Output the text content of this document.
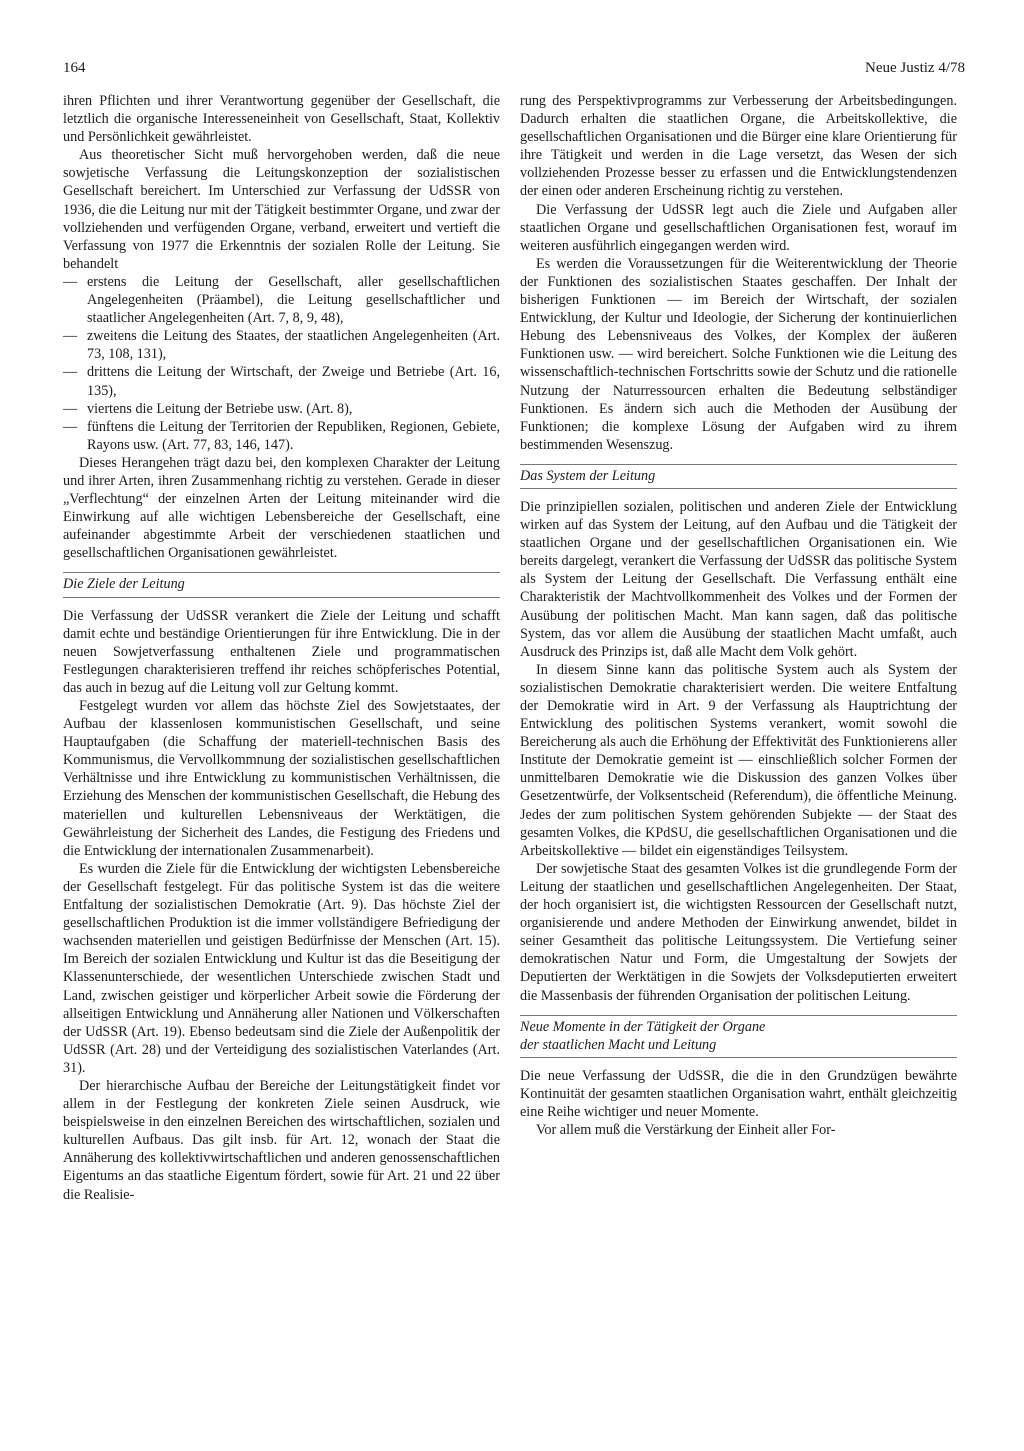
164	Neue Justiz 4/78

ihren Pflichten und ihrer Verantwortung gegenüber der Gesellschaft, die letztlich die organische Interesseneinheit von Gesellschaft, Staat, Kollektiv und Persönlichkeit gewährleistet.

Aus theoretischer Sicht muß hervorgehoben werden, daß die neue sowjetische Verfassung die Leitungskonzeption der sozialistischen Gesellschaft bereichert. Im Unterschied zur Verfassung der UdSSR von 1936, die die Leitung nur mit der Tätigkeit bestimmter Organe, und zwar der vollziehenden und verfügenden Organe, verband, erweitert und vertieft die Verfassung von 1977 die Erkenntnis der sozialen Rolle der Leitung. Sie behandelt

— erstens die Leitung der Gesellschaft, aller gesellschaftlichen Angelegenheiten (Präambel), die Leitung gesellschaftlicher und staatlicher Angelegenheiten (Art. 7, 8, 9, 48),
— zweitens die Leitung des Staates, der staatlichen Angelegenheiten (Art. 73, 108, 131),
— drittens die Leitung der Wirtschaft, der Zweige und Betriebe (Art. 16, 135),
— viertens die Leitung der Betriebe usw. (Art. 8),
— fünftens die Leitung der Territorien der Republiken, Regionen, Gebiete, Rayons usw. (Art. 77, 83, 146, 147).

Dieses Herangehen trägt dazu bei, den komplexen Charakter der Leitung und ihrer Arten, ihren Zusammenhang richtig zu verstehen. Gerade in dieser „Verflechtung“ der einzelnen Arten der Leitung miteinander wird die Einwirkung auf alle wichtigen Lebensbereiche der Gesellschaft, eine aufeinander abgestimmte Arbeit der verschiedenen staatlichen und gesellschaftlichen Organisationen gewährleistet.

Die Ziele der Leitung

Die Verfassung der UdSSR verankert die Ziele der Leitung und schafft damit echte und beständige Orientierungen für ihre Entwicklung. Die in der neuen Sowjetverfassung enthaltenen Ziele und programmatischen Festlegungen charakterisieren treffend ihr reiches schöpferisches Potential, das auch in bezug auf die Leitung voll zur Geltung kommt.

Festgelegt wurden vor allem das höchste Ziel des Sowjetstaates, der Aufbau der klassenlosen kommunistischen Gesellschaft, und seine Hauptaufgaben (die Schaffung der materiell-technischen Basis des Kommunismus, die Vervollkommnung der sozialistischen gesellschaftlichen Verhältnisse und ihre Entwicklung zu kommunistischen Verhältnissen, die Erziehung des Menschen der kommunistischen Gesellschaft, die Hebung des materiellen und kulturellen Lebensniveaus der Werktätigen, die Gewährleistung der Sicherheit des Landes, die Festigung des Friedens und die Entwicklung der internationalen Zusammenarbeit).

Es wurden die Ziele für die Entwicklung der wichtigsten Lebensbereiche der Gesellschaft festgelegt. Für das politische System ist das die weitere Entfaltung der sozialistischen Demokratie (Art. 9). Das höchste Ziel der gesellschaftlichen Produktion ist die immer vollständigere Befriedigung der wachsenden materiellen und geistigen Bedürfnisse der Menschen (Art. 15). Im Bereich der sozialen Entwicklung und Kultur ist das die Beseitigung der Klassenunterschiede, der wesentlichen Unterschiede zwischen Stadt und Land, zwischen geistiger und körperlicher Arbeit sowie die Förderung der allseitigen Entwicklung und Annäherung aller Nationen und Völkerschaften der UdSSR (Art. 19). Ebenso bedeutsam sind die Ziele der Außenpolitik der UdSSR (Art. 28) und der Verteidigung des sozialistischen Vaterlandes (Art. 31).

Der hierarchische Aufbau der Bereiche der Leitungstätigkeit findet vor allem in der Festlegung der konkreten Ziele seinen Ausdruck, wie beispielsweise in den einzelnen Bereichen des wirtschaftlichen, sozialen und kulturellen Aufbaus. Das gilt insb. für Art. 12, wonach der Staat die Annäherung des kollektivwirtschaftlichen und anderen genossenschaftlichen Eigentums an das staatliche Eigentum fördert, sowie für Art. 21 und 22 über die Realisie-

rung des Perspektivprogramms zur Verbesserung der Arbeitsbedingungen. Dadurch erhalten die staatlichen Organe, die Arbeitskollektive, die gesellschaftlichen Organisationen und die Bürger eine klare Orientierung für ihre Tätigkeit und werden in die Lage versetzt, das Wesen der sich vollziehenden Prozesse besser zu erfassen und die Entwicklungstendenzen der einen oder anderen Erscheinung richtig zu verstehen.

Die Verfassung der UdSSR legt auch die Ziele und Aufgaben aller staatlichen Organe und gesellschaftlichen Organisationen fest, worauf im weiteren ausführlich eingegangen werden wird.

Es werden die Voraussetzungen für die Weiterentwicklung der Theorie der Funktionen des sozialistischen Staates geschaffen. Der Inhalt der bisherigen Funktionen — im Bereich der Wirtschaft, der sozialen Entwicklung, der Kultur und Ideologie, der Sicherung der kontinuierlichen Hebung des Lebensniveaus des Volkes, der Komplex der äußeren Funktionen usw. — wird bereichert. Solche Funktionen wie die Leitung des wissenschaftlich-technischen Fortschritts sowie der Schutz und die rationelle Nutzung der Naturressourcen erhalten die Bedeutung selbständiger Funktionen. Es ändern sich auch die Methoden der Ausübung der Funktionen; die komplexe Lösung der Aufgaben wird zu ihrem bestimmenden Wesenszug.

Das System der Leitung

Die prinzipiellen sozialen, politischen und anderen Ziele der Entwicklung wirken auf das System der Leitung, auf den Aufbau und die Tätigkeit der staatlichen Organe und der gesellschaftlichen Organisationen ein. Wie bereits dargelegt, verankert die Verfassung der UdSSR das politische System als System der Leitung der Gesellschaft. Die Verfassung enthält eine Charakteristik der Machtvollkommenheit des Volkes und der Formen der Ausübung der politischen Macht. Man kann sagen, daß das politische System, das vor allem die Ausübung der staatlichen Macht umfaßt, auch Ausdruck des Prinzips ist, daß alle Macht dem Volk gehört.

In diesem Sinne kann das politische System auch als System der sozialistischen Demokratie charakterisiert werden. Die weitere Entfaltung der Demokratie wird in Art. 9 der Verfassung als Hauptrichtung der Entwicklung des politischen Systems verankert, womit sowohl die Bereicherung als auch die Erhöhung der Effektivität des Funktionierens aller Institute der Demokratie gemeint ist — einschließlich solcher Formen der unmittelbaren Demokratie wie die Diskussion des ganzen Volkes über Gesetzentwürfe, der Volksentscheid (Referendum), die öffentliche Meinung. Jedes der zum politischen System gehörenden Subjekte — der Staat des gesamten Volkes, die KPdSU, die gesellschaftlichen Organisationen und die Arbeitskollektive — bildet ein eigenständiges Teilsystem.

Der sowjetische Staat des gesamten Volkes ist die grundlegende Form der Leitung der staatlichen und gesellschaftlichen Angelegenheiten. Der Staat, der hoch organisiert ist, die wichtigsten Ressourcen der Gesellschaft nutzt, organisierende und andere Methoden der Einwirkung anwendet, bildet in seiner Gesamtheit das politische Leitungssystem. Die Vertiefung seiner demokratischen Natur und Form, die Umgestaltung der Sowjets der Deputierten der Werktätigen in die Sowjets der Volksdeputierten erweitert die Massenbasis der führenden Organisation der politischen Leitung.

Neue Momente in der Tätigkeit der Organe
der staatlichen Macht und Leitung

Die neue Verfassung der UdSSR, die die in den Grundzügen bewährte Kontinuität der gesamten staatlichen Organisation wahrt, enthält gleichzeitig eine Reihe wichtiger und neuer Momente.

Vor allem muß die Verstärkung der Einheit aller For-
